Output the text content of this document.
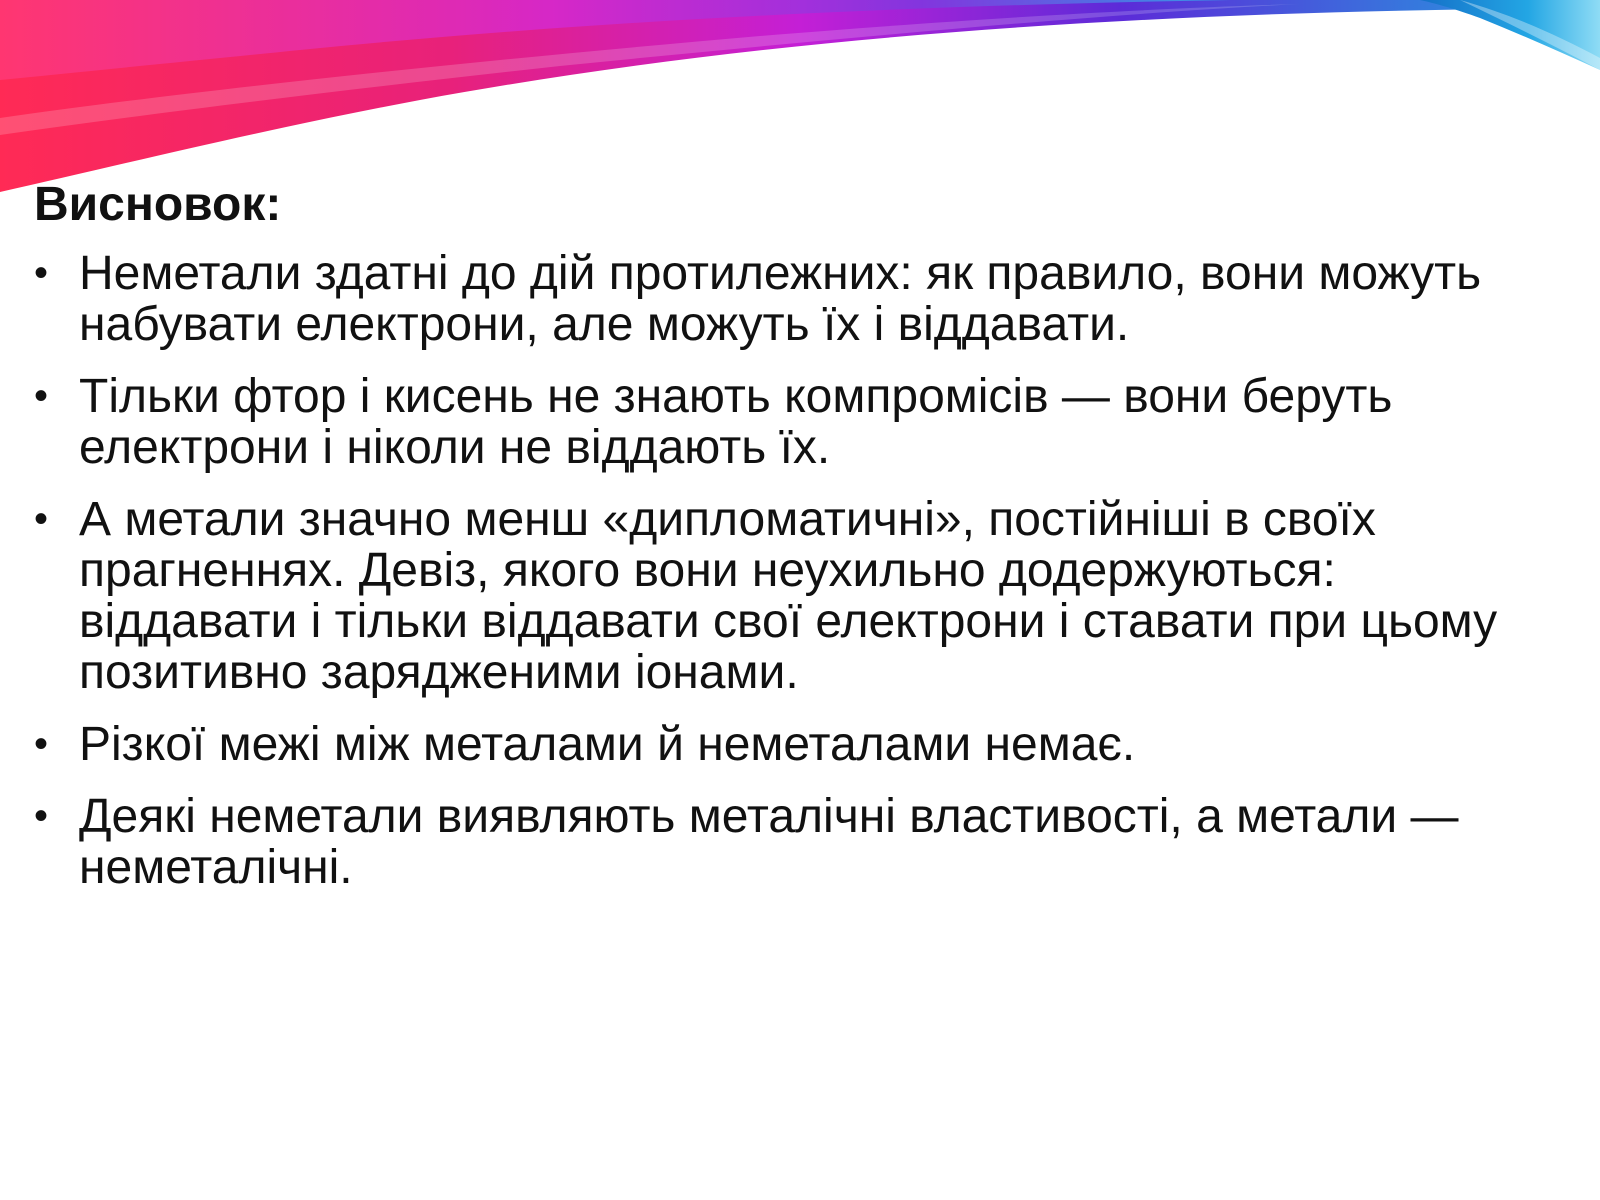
Висновок:
• Неметали здатні до дій протилежних: як правило, вони можуть набувати електрони, але можуть їх і віддавати.
• Тільки фтор і кисень не знають компромісів — вони беруть електрони і ніколи не віддають їх.
• А метали значно менш «дипломатичні», постійніші в своїх прагненнях. Девіз, якого вони неухильно додержуються: віддавати і тільки віддавати свої електрони і ставати при цьому позитивно зарядженими іонами.
• Різкої межі між металами й неметалами немає.
• Деякі неметали виявляють металічні властивості, а метали — неметалічні.
